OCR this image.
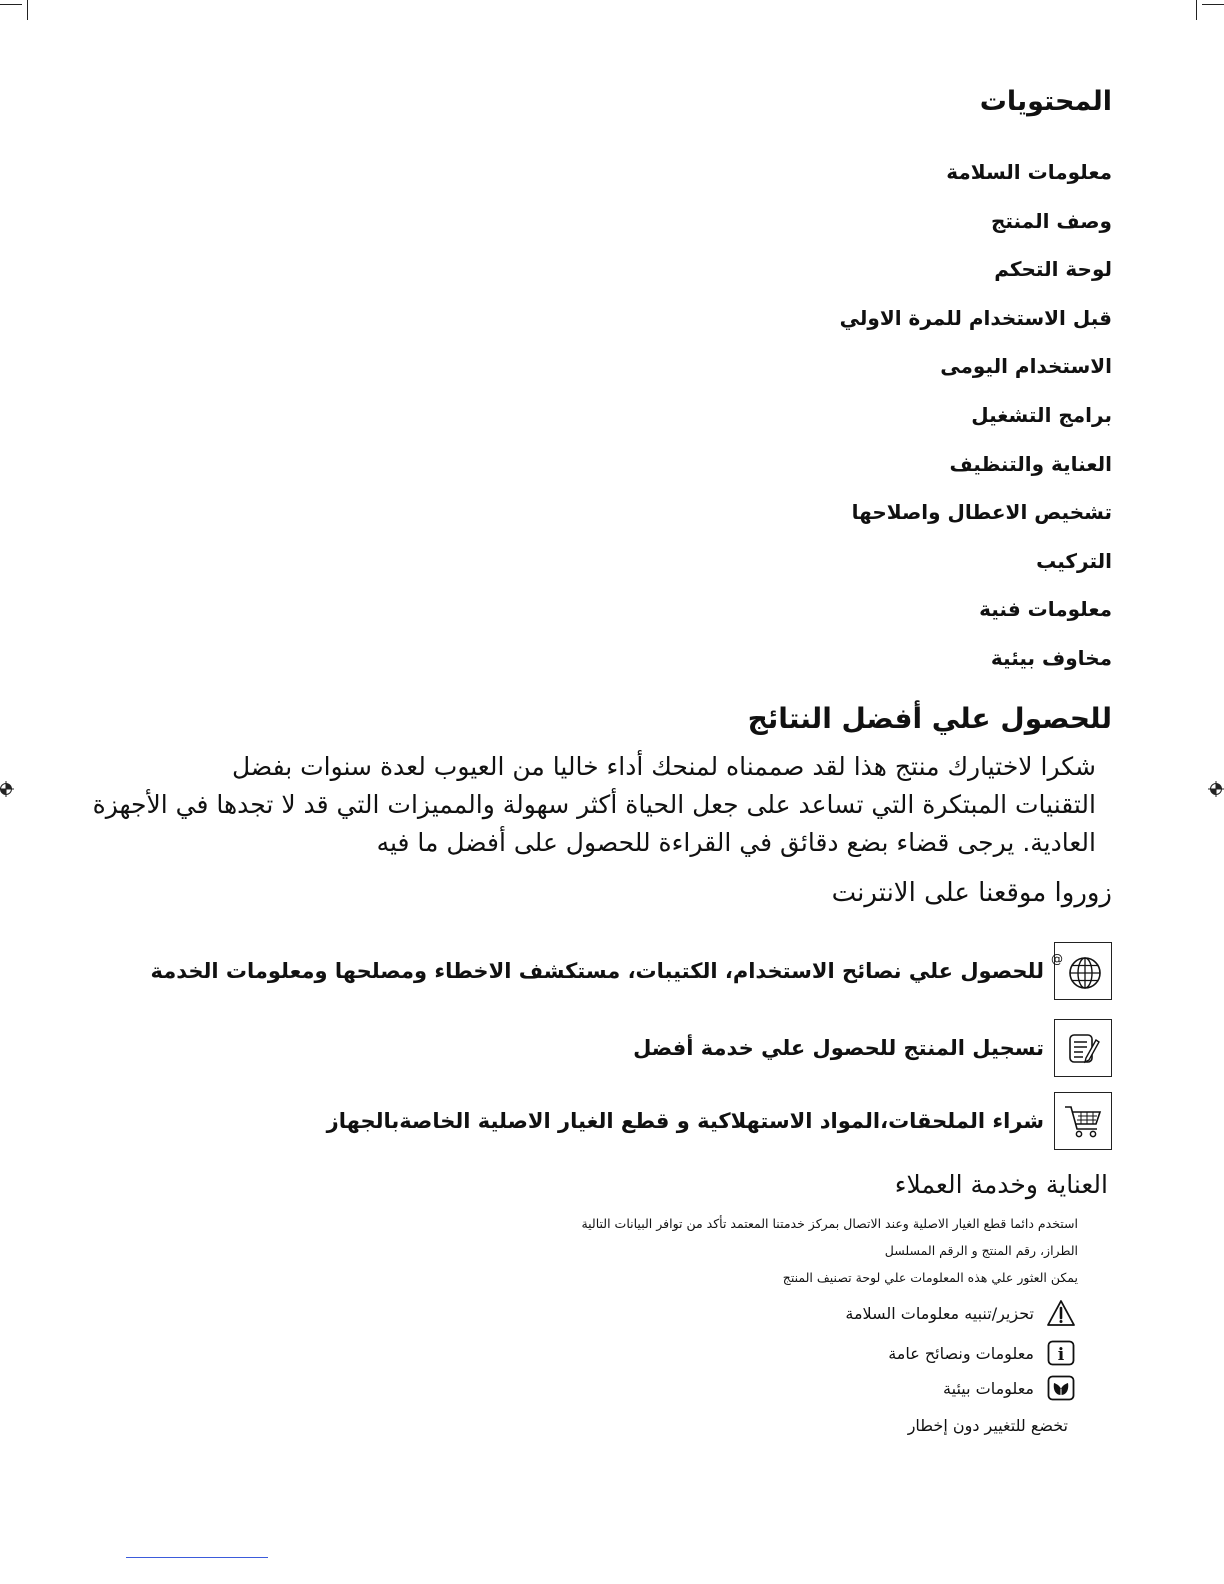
المحتويات
معلومات السلامة
وصف المنتج
لوحة التحكم
قبل الاستخدام للمرة الاولي
الاستخدام اليومى
برامج التشغيل
العناية والتنظيف
تشخيص الاعطال واصلاحها
التركيب
معلومات فنية
مخاوف بيئية
للحصول علي أفضل النتائج

شكرا لاختيارك منتج هذا لقد صممناه لمنحك أداء خاليا من العيوب لعدة سنوات بفضل

التقنيات المبتكرة التي تساعد على جعل الحياة أكثر سهولة والمميزات التي قد لا تجدها في الأجهزة

العادية. يرجى قضاء بضع دقائق في القراءة للحصول على أفضل ما فيه

زوروا موقعنا على الانترنت
@
للحصول علي نصائح الاستخدام، الكتيبات، مستكشف الاخطاء ومصلحها ومعلومات الخدمة
تسجيل المنتج للحصول علي خدمة أفضل
شراء الملحقات،المواد الاستهلاكية و قطع الغيار الاصلية الخاصةبالجهاز
العناية وخدمة العملاء

استخدم دائما قطع الغيار الاصلية وعند الاتصال بمركز خدمتنا المعتمد تأكد من توافر البيانات التالية

الطراز، رقم المنتج و الرقم المسلسل

يمكن العثور علي هذه المعلومات علي لوحة تصنيف المنتج

تحزير/تنبيه معلومات السلامة
i
معلومات ونصائح عامة
معلومات بيئية
تخضع للتغيير دون إخطار
